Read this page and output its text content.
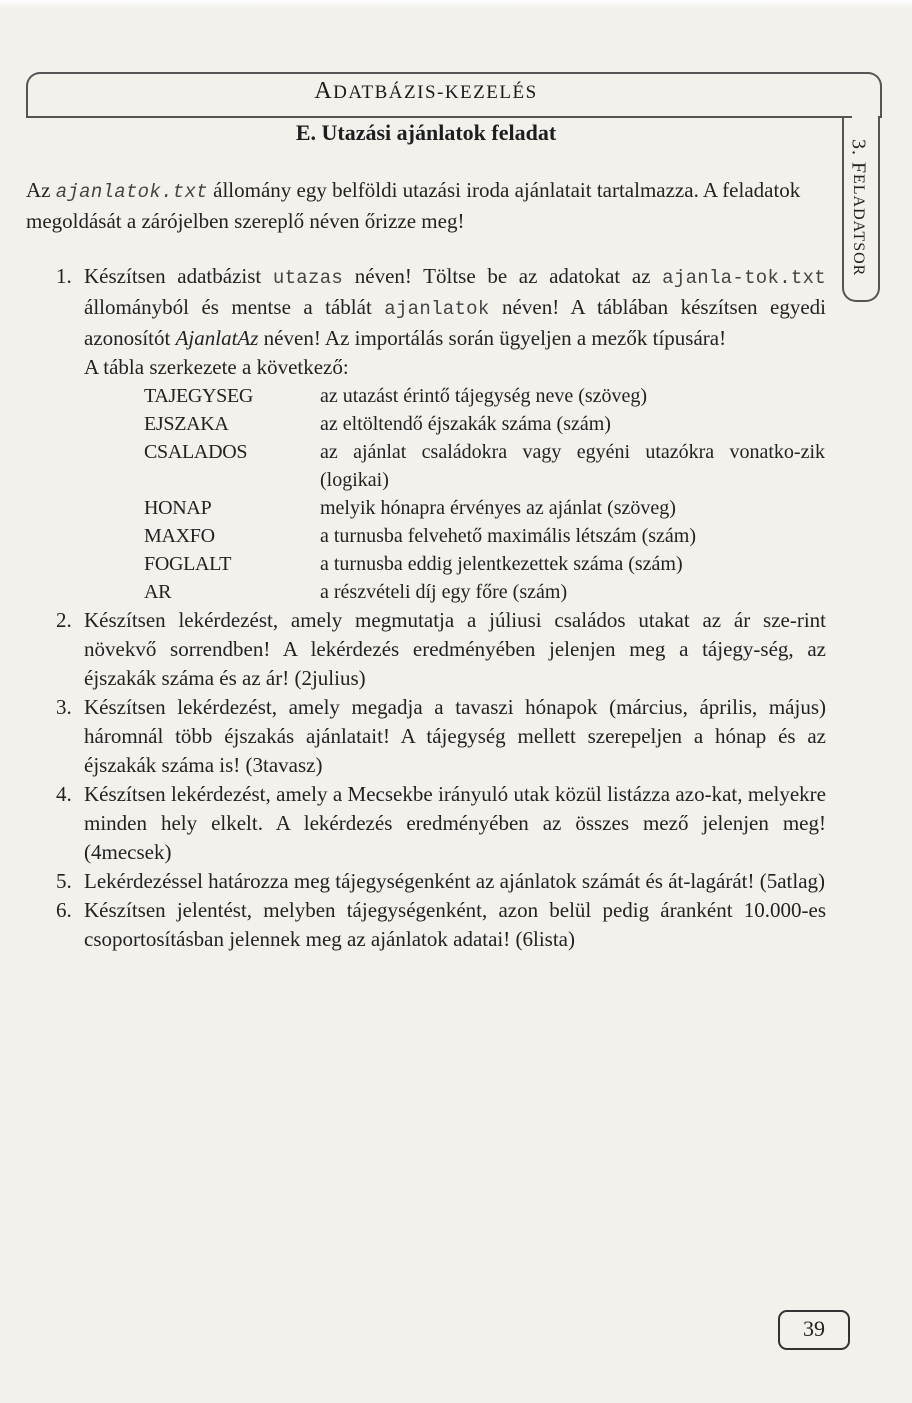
ADATBÁZIS-KEZELÉS
3. F
ELADATSOR
E. Utazási ajánlatok feladat
Az ajanlatok.txt állomány egy belföldi utazási iroda ajánlatait tartalmazza. A feladatok megoldását a zárójelben szereplő néven őrizze meg!
1. Készítsen adatbázist utazas néven! Töltse be az adatokat az ajanla-tok.txt állományból és mentse a táblát ajanlatok néven! A táblában készítsen egyedi azonosítót AjanlatAz néven! Az importálás során ügyeljen a mezők típusára!
A tábla szerkezete a következő:
TAJEGYSEG	az utazást érintő tájegység neve (szöveg)
EJSZAKA	az eltöltendő éjszakák száma (szám)
CSALADOS	az ajánlat családokra vagy egyéni utazókra vonatko-zik (logikai)
HONAP	melyik hónapra érvényes az ajánlat (szöveg)
MAXFO	a turnusba felvehető maximális létszám (szám)
FOGLALT	a turnusba eddig jelentkezettek száma (szám)
AR	a részvételi díj egy főre (szám)
2. Készítsen lekérdezést, amely megmutatja a júliusi családos utakat az ár sze-rint növekvő sorrendben! A lekérdezés eredményében jelenjen meg a tájegy-ség, az éjszakák száma és az ár! (2julius)
3. Készítsen lekérdezést, amely megadja a tavaszi hónapok (március, április, május) háromnál több éjszakás ajánlatait! A tájegység mellett szerepeljen a hónap és az éjszakák száma is! (3tavasz)
4. Készítsen lekérdezést, amely a Mecsekbe irányuló utak közül listázza azo-kat, melyekre minden hely elkelt. A lekérdezés eredményében az összes mező jelenjen meg! (4mecsek)
5. Lekérdezéssel határozza meg tájegységenként az ajánlatok számát és át-lagárát! (5atlag)
6. Készítsen jelentést, melyben tájegységenként, azon belül pedig áranként 10.000-es csoportosításban jelennek meg az ajánlatok adatai! (6lista)
39
